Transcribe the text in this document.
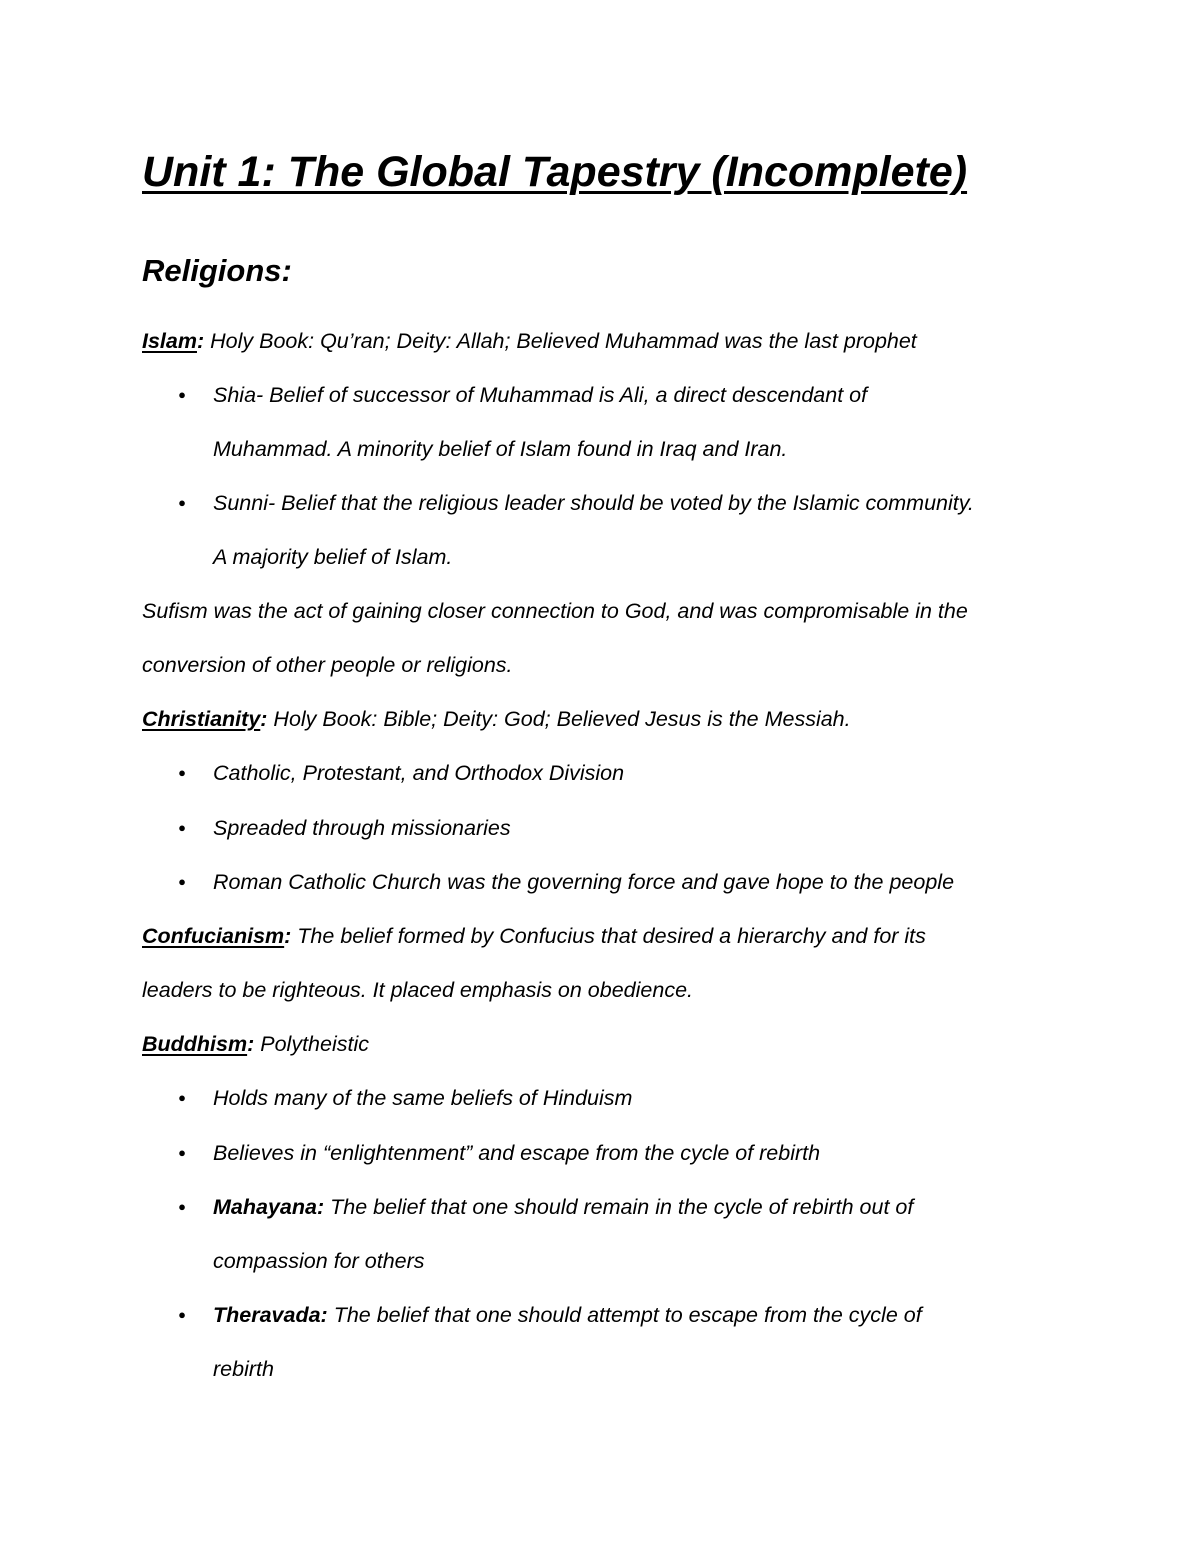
Unit 1: The Global Tapestry (Incomplete)
Religions:

Islam: Holy Book: Qu’ran; Deity: Allah; Believed Muhammad was the last prophet

● Shia- Belief of successor of Muhammad is Ali, a direct descendant of

Muhammad. A minority belief of Islam found in Iraq and Iran.

● Sunni- Belief that the religious leader should be voted by the Islamic community.

A majority belief of Islam.

Sufism was the act of gaining closer connection to God, and was compromisable in the

conversion of other people or religions.

Christianity: Holy Book: Bible; Deity: God; Believed Jesus is the Messiah.

● Catholic, Protestant, and Orthodox Division

● Spreaded through missionaries

● Roman Catholic Church was the governing force and gave hope to the people

Confucianism: The belief formed by Confucius that desired a hierarchy and for its

leaders to be righteous. It placed emphasis on obedience.

Buddhism: Polytheistic

● Holds many of the same beliefs of Hinduism

● Believes in “enlightenment” and escape from the cycle of rebirth

● Mahayana: The belief that one should remain in the cycle of rebirth out of

compassion for others

● Theravada: The belief that one should attempt to escape from the cycle of

rebirth
